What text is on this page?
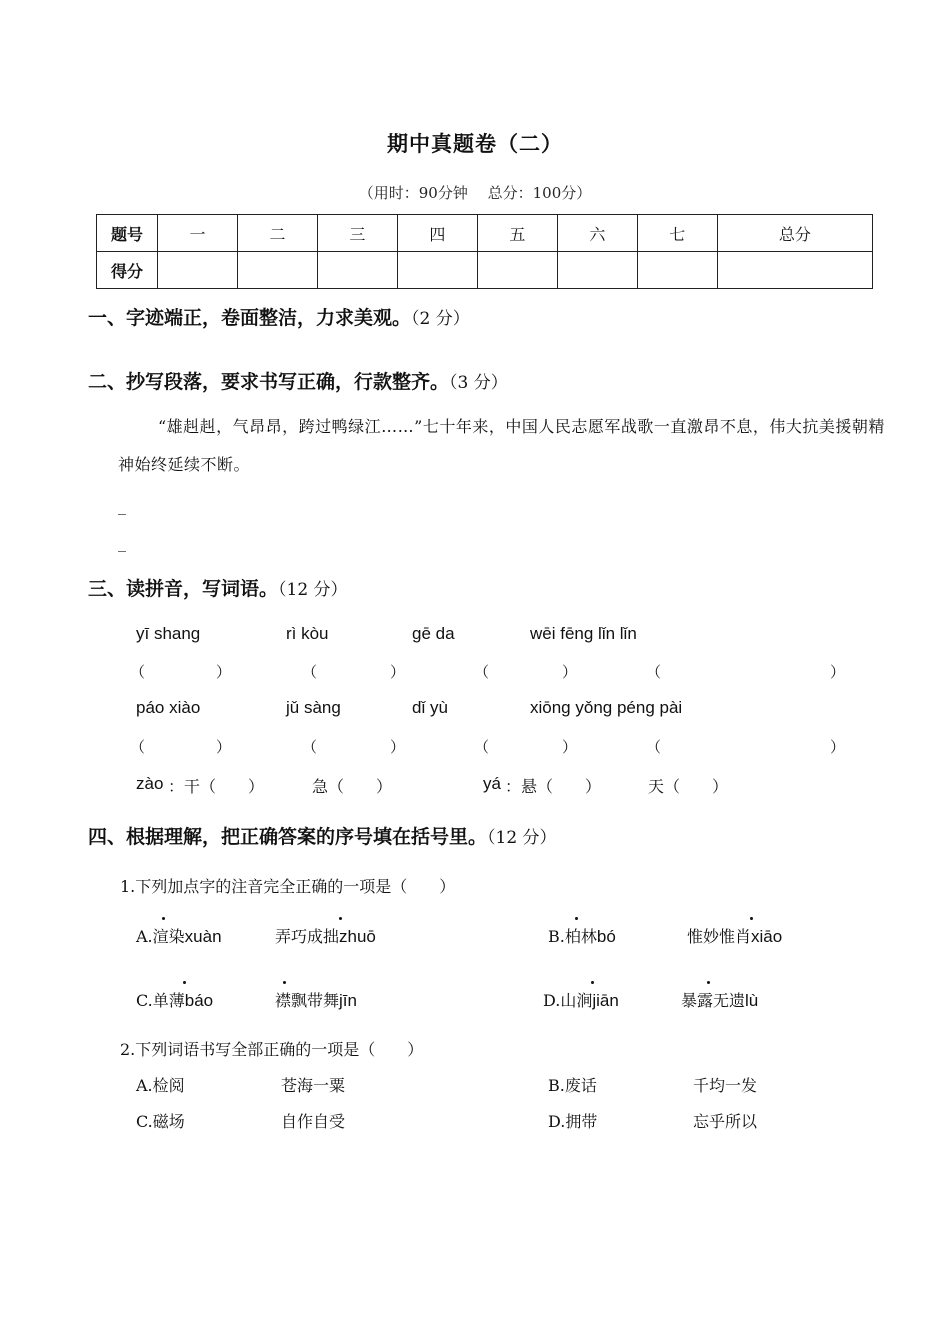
期中真题卷（二）
（用时：90分钟　 总分：100分）
题号	一	二	三	四	五	六	七	总分
得分								
一、字迹端正，卷面整洁，力求美观。（2 分）
二、抄写段落，要求书写正确，行款整齐。（3 分）
“雄赳赳，气昂昂，跨过鸭绿江……”七十年来，中国人民志愿军战歌一直激昂不息，伟大抗美援朝精神始终延续不断。
_
_
三、读拼音，写词语。（12 分）
yī shang	rì kòu	gē da	wēi fēng lǐn lǐn
（	）	（	）	（	）	（	）
páo xiào	jǔ sàng	dǐ yù	xiōng yǒng péng pài
（	）	（	）	（	）	（	）
zào ：干（　　）	急（　　）	yá ：悬（　　）	天（　　）
四、根据理解，把正确答案的序号填在括号里。（12 分）
1.下列加点字的注音完全正确的一项是（　　）
A.渲染xuàn	弄巧成拙zhuō	B.柏林bó	惟妙惟肖xiāo
C.单薄báo	襟飘带舞jīn	D.山涧jiān	暴露无遗lù
2.下列词语书写全部正确的一项是（　　）
A.检阅	苍海一粟	B.废话	千均一发
C.磁场	自作自受	D.拥带	忘乎所以
